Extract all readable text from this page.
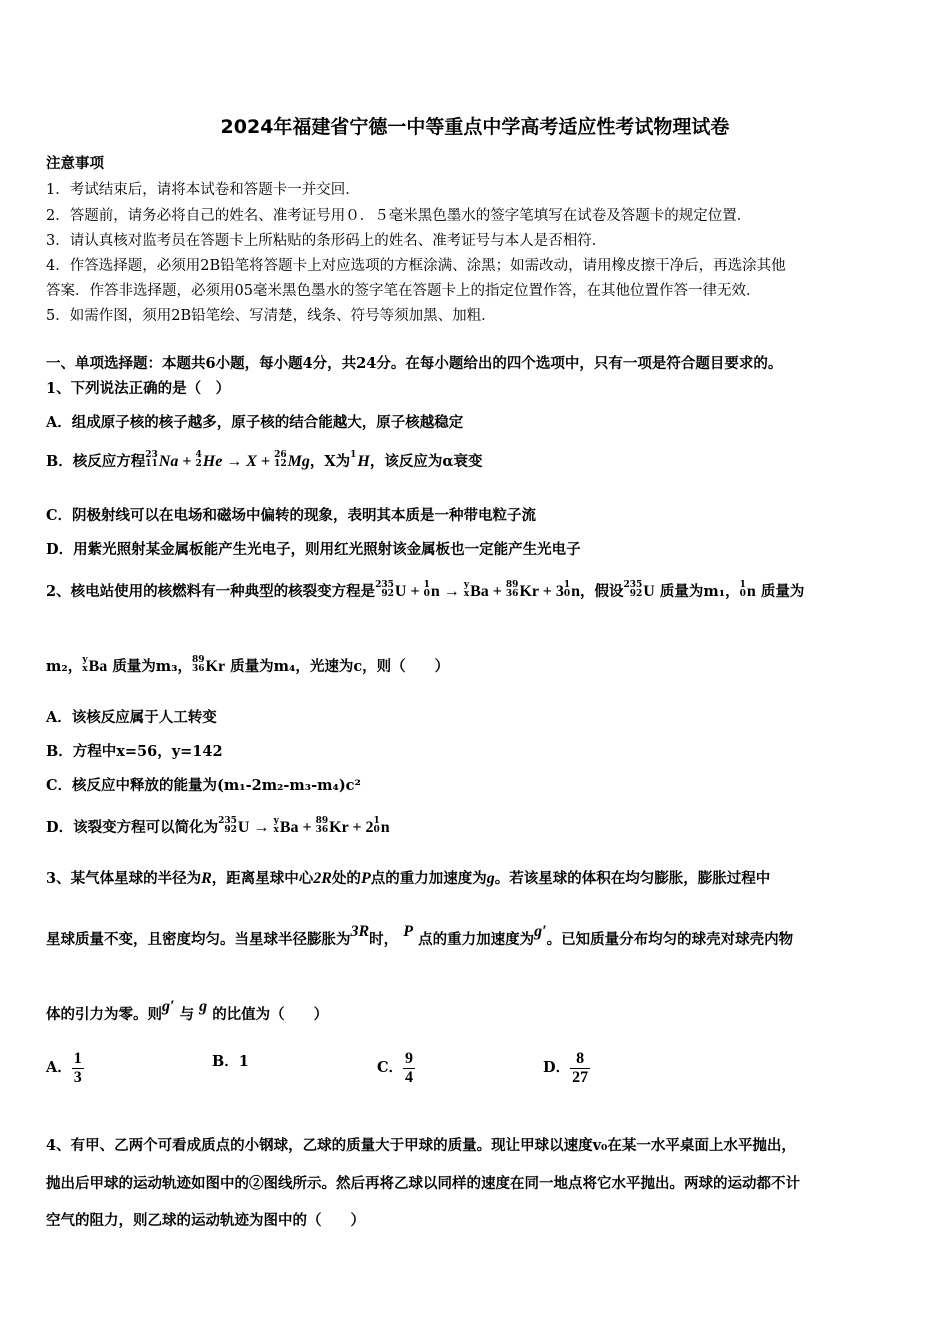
2024年福建省宁德一中等重点中学高考适应性考试物理试卷
注意事项
1．考试结束后，请将本试卷和答题卡一并交回．
2．答题前，请务必将自己的姓名、准考证号用０．５毫米黑色墨水的签字笔填写在试卷及答题卡的规定位置．
3．请认真核对监考员在答题卡上所粘贴的条形码上的姓名、准考证号与本人是否相符．
4．作答选择题，必须用2B铅笔将答题卡上对应选项的方框涂满、涂黑；如需改动，请用橡皮擦干净后，再选涂其他
答案．作答非选择题，必须用05毫米黑色墨水的签字笔在答题卡上的指定位置作答，在其他位置作答一律无效．
5．如需作图，须用2B铅笔绘、写清楚，线条、符号等须加黑、加粗．
一、单项选择题：本题共6小题，每小题4分，共24分。在每小题给出的四个选项中，只有一项是符合题目要求的。
1、下列说法正确的是（　）
A．组成原子核的核子越多，原子核的结合能越大，原子核越稳定
B．核反应方程 23
11 Na + 4
2 He → X + 26
12 Mg，X为 1
H，该反应为α衰变
C．阴极射线可以在电场和磁场中偏转的现象，表明其本质是一种带电粒子流
D．用紫光照射某金属板能产生光电子，则用红光照射该金属板也一定能产生光电子
2、核电站使用的核燃料有一种典型的核裂变方程是 235
92 U + 1
0 n → y
x Ba + 89
36 Kr + 3 1
0 n，假设 235
92 U 质量为m₁， 1
0 n 质量为
m₂， y
x Ba 质量为m₃， 89
36 Kr 质量为m₄，光速为c，则（　　）
A．该核反应属于人工转变
B．方程中x=56，y=142
C．核反应中释放的能量为(m₁-2m₂-m₃-m₄)c²
D．该裂变方程可以简化为 235
92 U → y
x Ba + 89
36 Kr + 2 1
0 n
3、某气体星球的半径为R，距离星球中心2R处的P点的重力加速度为g。若该星球的体积在均匀膨胀，膨胀过程中
星球质量不变，且密度均匀。当星球半径膨胀为3R时， P 点的重力加速度为g′。已知质量分布均匀的球壳对球壳内物
体的引力为零。则g′ 与 g 的比值为（　　）
A． $\frac{1}{3}$	B．1	C． $\frac{9}{4}$	D． $\frac{8}{27}$
4、有甲、乙两个可看成质点的小钢球，乙球的质量大于甲球的质量。现让甲球以速度v₀在某一水平桌面上水平抛出，
抛出后甲球的运动轨迹如图中的②图线所示。然后再将乙球以同样的速度在同一地点将它水平抛出。两球的运动都不计
空气的阻力，则乙球的运动轨迹为图中的（　　）
